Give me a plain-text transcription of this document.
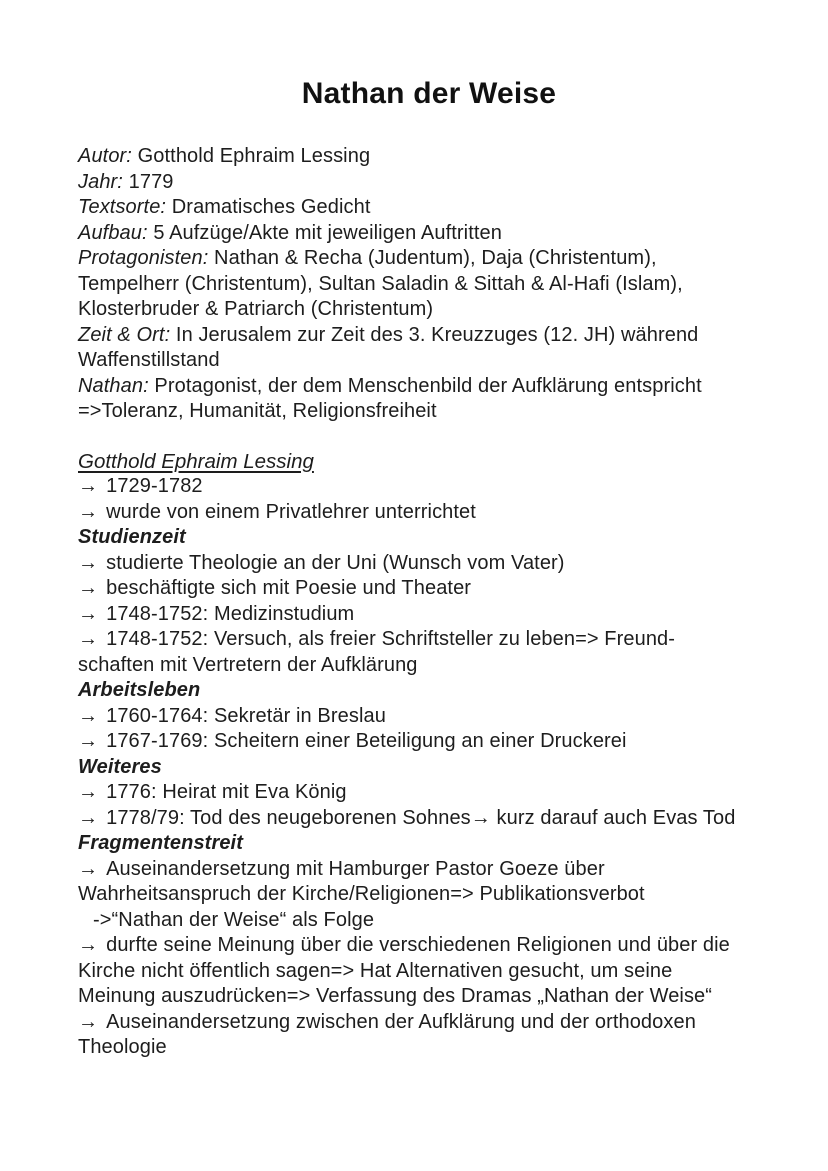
Nathan der Weise
Autor: Gotthold Ephraim Lessing
Jahr: 1779
Textsorte: Dramatisches Gedicht
Aufbau: 5 Aufzüge/Akte mit jeweiligen Auftritten
Protagonisten: Nathan & Recha (Judentum), Daja (Christentum),
Tempelherr (Christentum), Sultan Saladin & Sittah & Al-Hafi (Islam),
Klosterbruder & Patriarch (Christentum)
Zeit & Ort: In Jerusalem zur Zeit des 3. Kreuzzuges (12. JH) während
Waffenstillstand
Nathan: Protagonist, der dem Menschenbild der Aufklärung entspricht
=>Toleranz, Humanität, Religionsfreiheit
Gotthold Ephraim Lessing
→ 1729-1782
→ wurde von einem Privatlehrer unterrichtet
Studienzeit
→ studierte Theologie an der Uni (Wunsch vom Vater)
→ beschäftigte sich mit Poesie und Theater
→ 1748-1752: Medizinstudium
→ 1748-1752: Versuch, als freier Schriftsteller zu leben=> Freund-
schaften mit Vertretern der Aufklärung
Arbeitsleben
→ 1760-1764: Sekretär in Breslau
→ 1767-1769: Scheitern einer Beteiligung an einer Druckerei
Weiteres
→ 1776: Heirat mit Eva König
→ 1778/79: Tod des neugeborenen Sohnes→ kurz darauf auch Evas Tod
Fragmentenstreit
→ Auseinandersetzung mit Hamburger Pastor Goeze über
Wahrheitsanspruch der Kirche/Religionen=> Publikationsverbot
->“Nathan der Weise“ als Folge
→ durfte seine Meinung über die verschiedenen Religionen und über die
Kirche nicht öffentlich sagen=> Hat Alternativen gesucht, um seine
Meinung auszudrücken=> Verfassung des Dramas „Nathan der Weise“
→ Auseinandersetzung zwischen der Aufklärung und der orthodoxen
Theologie
